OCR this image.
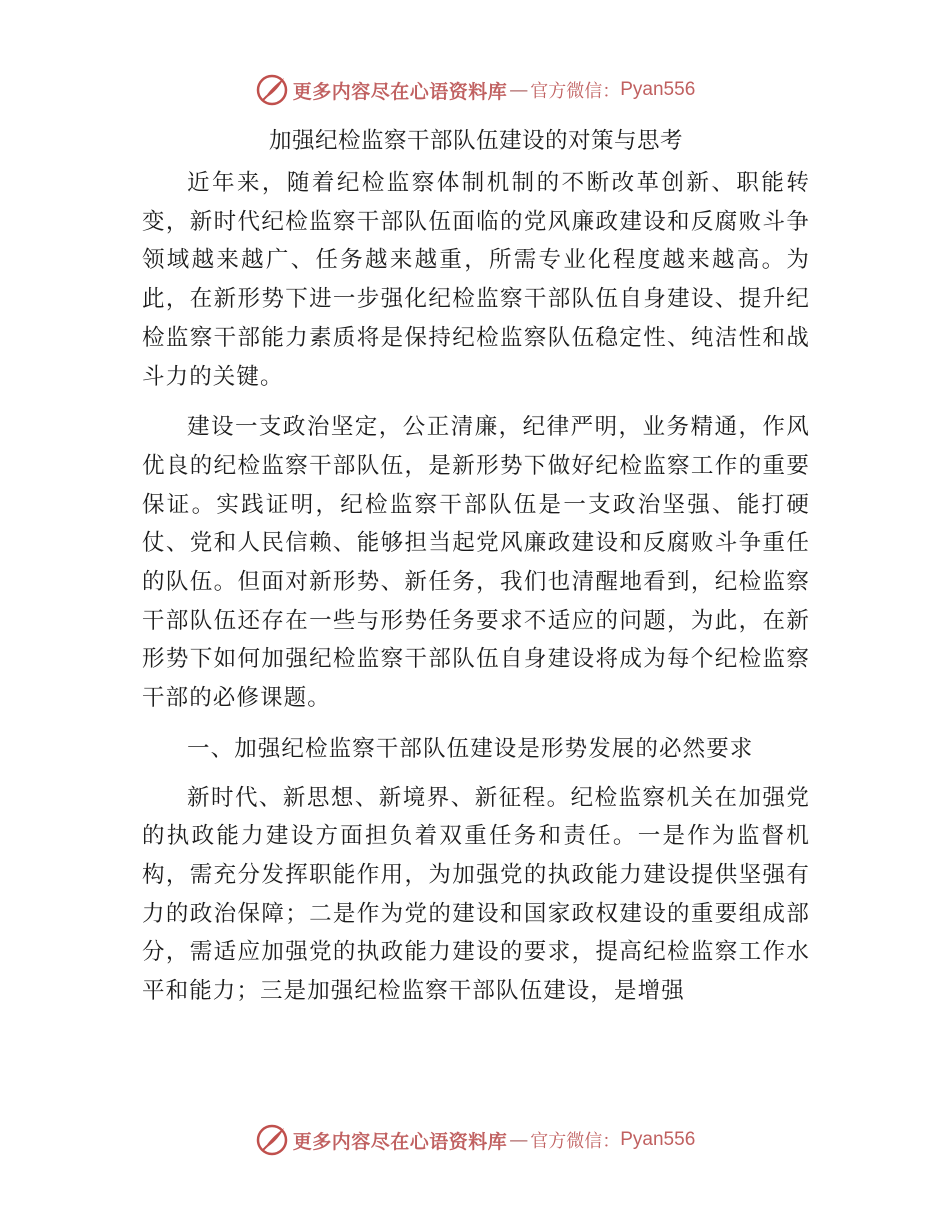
更多内容尽在心语资料库 — 官方微信： Pyan556
加强纪检监察干部队伍建设的对策与思考

近年来，随着纪检监察体制机制的不断改革创新、职能转变，新时代纪检监察干部队伍面临的党风廉政建设和反腐败斗争领域越来越广、任务越来越重，所需专业化程度越来越高。为此，在新形势下进一步强化纪检监察干部队伍自身建设、提升纪检监察干部能力素质将是保持纪检监察队伍稳定性、纯洁性和战斗力的关键。

建设一支政治坚定，公正清廉，纪律严明，业务精通，作风优良的纪检监察干部队伍，是新形势下做好纪检监察工作的重要保证。实践证明，纪检监察干部队伍是一支政治坚强、能打硬仗、党和人民信赖、能够担当起党风廉政建设和反腐败斗争重任的队伍。但面对新形势、新任务，我们也清醒地看到，纪检监察干部队伍还存在一些与形势任务要求不适应的问题，为此，在新形势下如何加强纪检监察干部队伍自身建设将成为每个纪检监察干部的必修课题。

一、加强纪检监察干部队伍建设是形势发展的必然要求

新时代、新思想、新境界、新征程。纪检监察机关在加强党的执政能力建设方面担负着双重任务和责任。一是作为监督机构，需充分发挥职能作用，为加强党的执政能力建设提供坚强有力的政治保障；二是作为党的建设和国家政权建设的重要组成部分，需适应加强党的执政能力建设的要求，提高纪检监察工作水平和能力；三是加强纪检监察干部队伍建设，是增强

更多内容尽在心语资料库 — 官方微信： Pyan556
